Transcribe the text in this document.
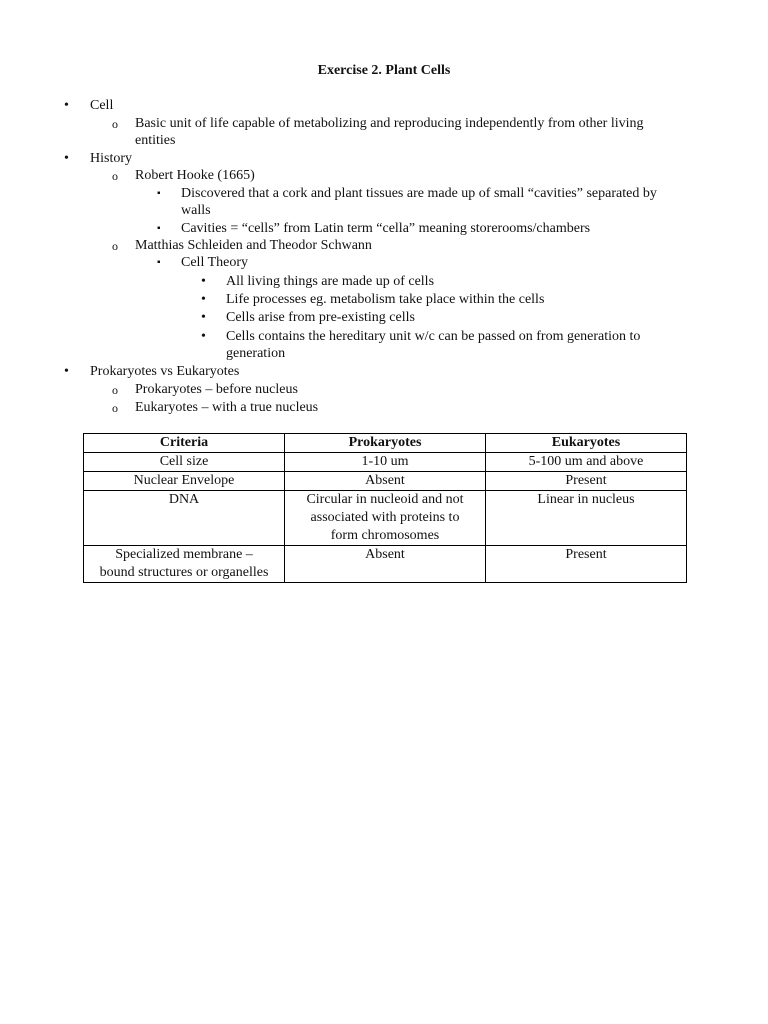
Exercise 2. Plant Cells
• Cell
o Basic unit of life capable of metabolizing and reproducing independently from other living
entities
• History
o Robert Hooke (1665)
▪ Discovered that a cork and plant tissues are made up of small “cavities” separated by
walls
▪ Cavities = “cells” from Latin term “cella” meaning storerooms/chambers
o Matthias Schleiden and Theodor Schwann
▪ Cell Theory
• All living things are made up of cells
• Life processes eg. metabolism take place within the cells
• Cells arise from pre-existing cells
• Cells contains the hereditary unit w/c can be passed on from generation to
generation
• Prokaryotes vs Eukaryotes
o Prokaryotes – before nucleus
o Eukaryotes – with a true nucleus
Criteria	Prokaryotes	Eukaryotes

Cell size	1-10 um	5-100 um and above

Nuclear Envelope	Absent	Present

DNA	Circular in nucleoid and not
associated with proteins to
form chromosomes	Linear in nucleus

Specialized membrane –
bound structures or organelles	Absent	Present
